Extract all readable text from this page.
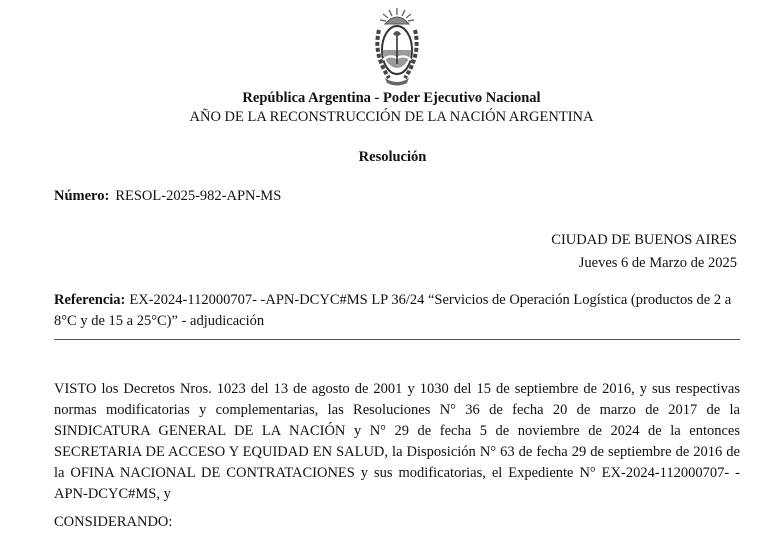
República Argentina - Poder Ejecutivo Nacional
AÑO DE LA RECONSTRUCCIÓN DE LA NACIÓN ARGENTINA
Resolución
Número: RESOL-2025-982-APN-MS
CIUDAD DE BUENOS AIRES
Jueves 6 de Marzo de 2025
Referencia: EX-2024-112000707- -APN-DCYC#MS LP 36/24 “Servicios de Operación Logística (productos de 2 a 8°C y de 15 a 25°C)” - adjudicación
VISTO los Decretos Nros. 1023 del 13 de agosto de 2001 y 1030 del 15 de septiembre de 2016, y sus respectivas normas modificatorias y complementarias, las Resoluciones N° 36 de fecha 20 de marzo de 2017 de la SINDICATURA GENERAL DE LA NACIÓN y N° 29 de fecha 5 de noviembre de 2024 de la entonces SECRETARIA DE ACCESO Y EQUIDAD EN SALUD, la Disposición N° 63 de fecha 29 de septiembre de 2016 de la OFINA NACIONAL DE CONTRATACIONES y sus modificatorias, el Expediente N° EX-2024-112000707- -APN-DCYC#MS, y
CONSIDERANDO:
